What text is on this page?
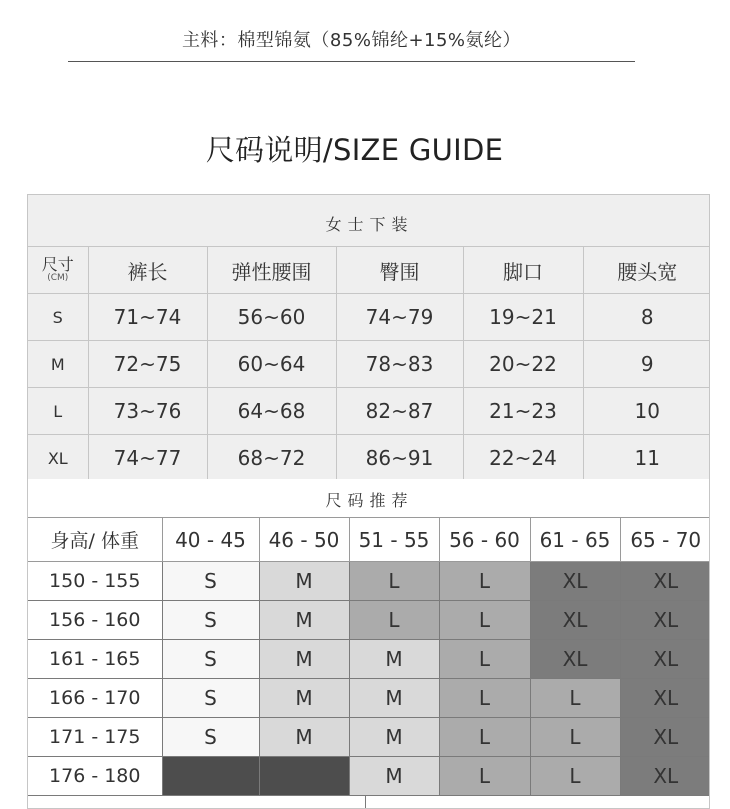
主料：棉型锦氨（85%锦纶+15%氨纶）
尺码说明/SIZE GUIDE
女士下装
尺寸
(CM)	裤长	弹性腰围	臀围	脚口	腰头宽
S	71~74	56~60	74~79	19~21	8
M	72~75	60~64	78~83	20~22	9
L	73~76	64~68	82~87	21~23	10
XL	74~77	68~72	86~91	22~24	11
尺码推荐
身高/ 体重	40 - 45	46 - 50	51 - 55	56 - 60	61 - 65	65 - 70
150 - 155	S	M	L	L	XL	XL
156 - 160	S	M	L	L	XL	XL
161 - 165	S	M	M	L	XL	XL
166 - 170	S	M	M	L	L	XL
171 - 175	S	M	M	L	L	XL
176 - 180			M	L	L	XL
